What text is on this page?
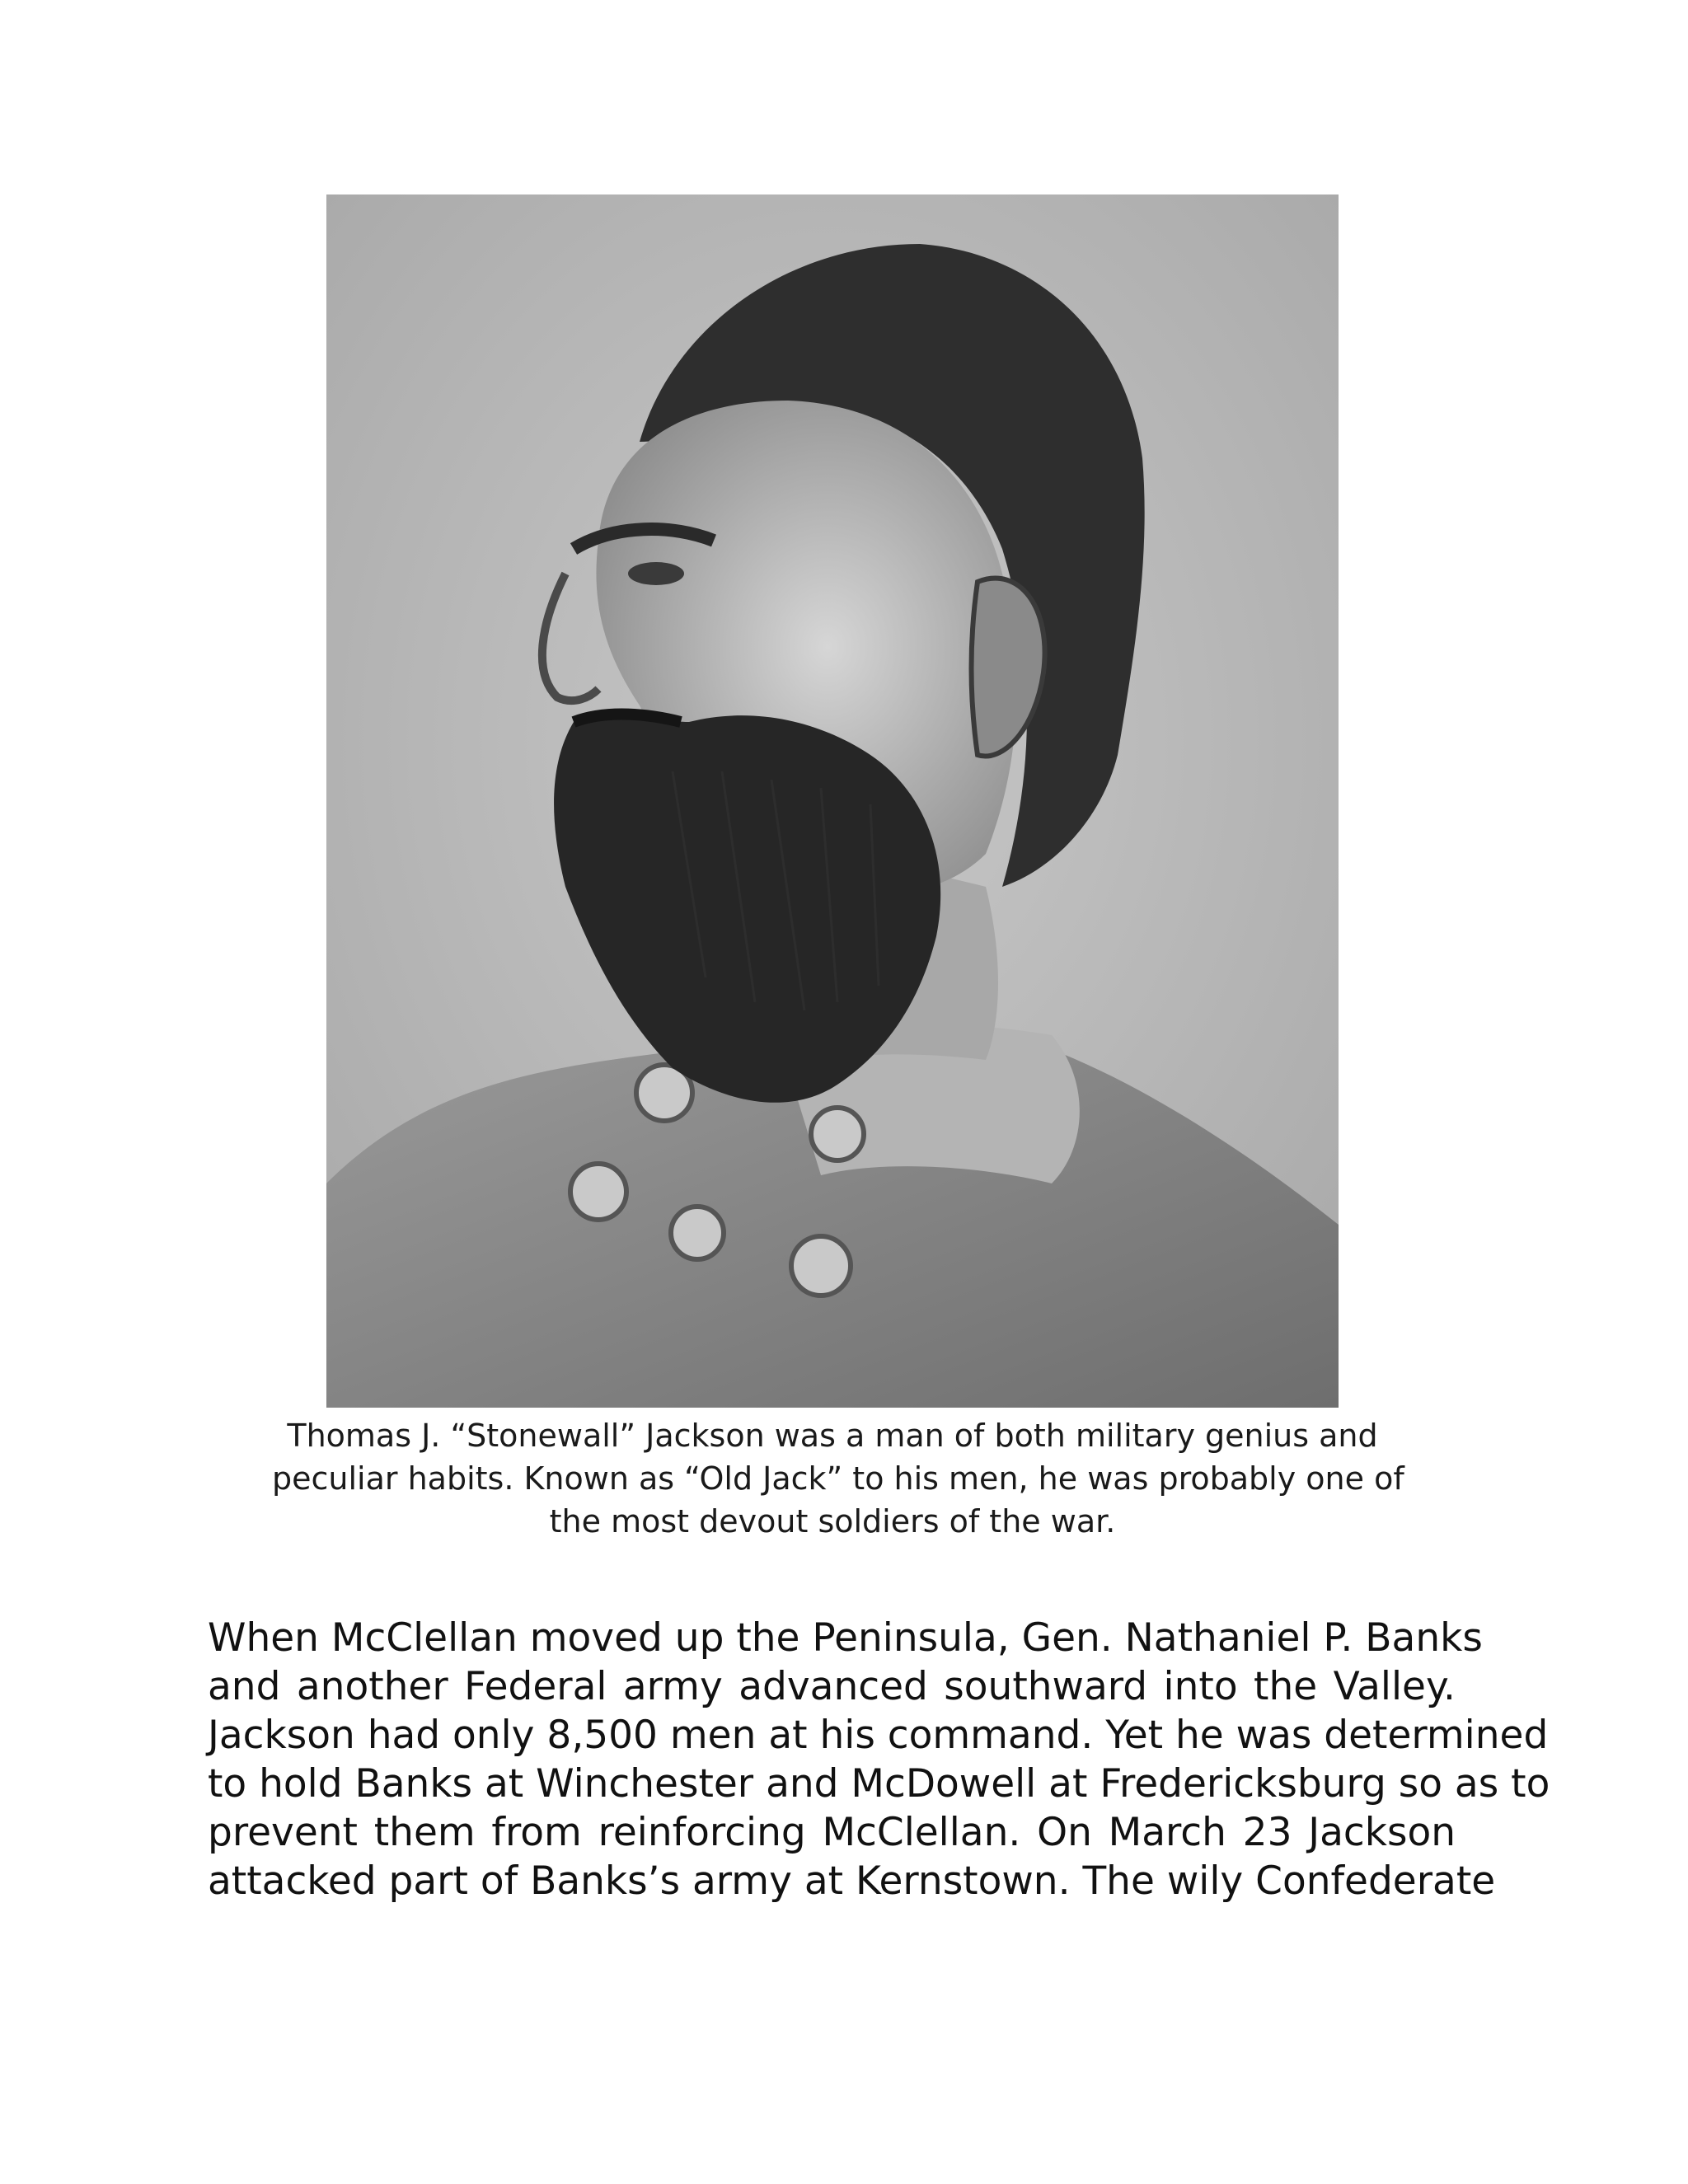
Thomas J. “Stonewall” Jackson was a man of both military genius and
peculiar habits. Known as “Old Jack” to his men, he was probably one of
the most devout soldiers of the war.
When McClellan moved up the Peninsula, Gen. Nathaniel P. Banks
and another Federal army advanced southward into the Valley.
Jackson had only 8,500 men at his command. Yet he was determined
to hold Banks at Winchester and McDowell at Fredericksburg so as to
prevent them from reinforcing McClellan. On March 23 Jackson
attacked part of Banks’s army at Kernstown. The wily Confederate
